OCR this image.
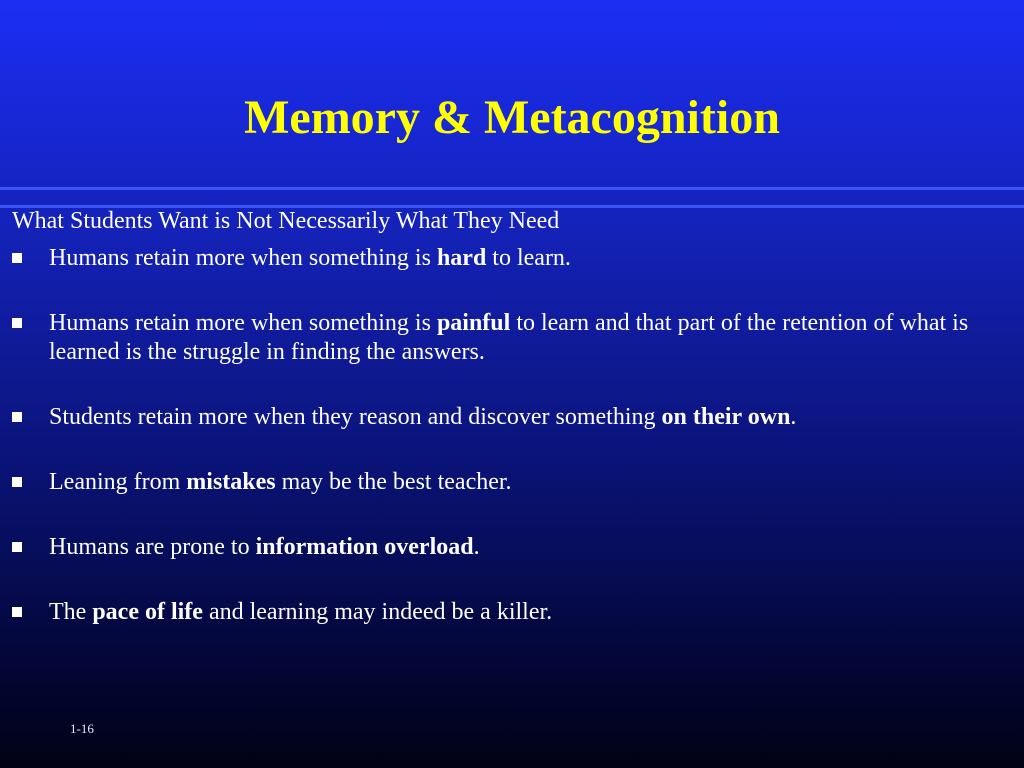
Memory & Metacognition

What Students Want is Not Necessarily What They Need

Humans retain more when something is hard to learn.
Humans retain more when something is painful to learn and that part of the retention of what is learned is the struggle in finding the answers.
Students retain more when they reason and discover something on their own.
Leaning from mistakes may be the best teacher.
Humans are prone to information overload.
The pace of life and learning may indeed be a killer.
1-16
